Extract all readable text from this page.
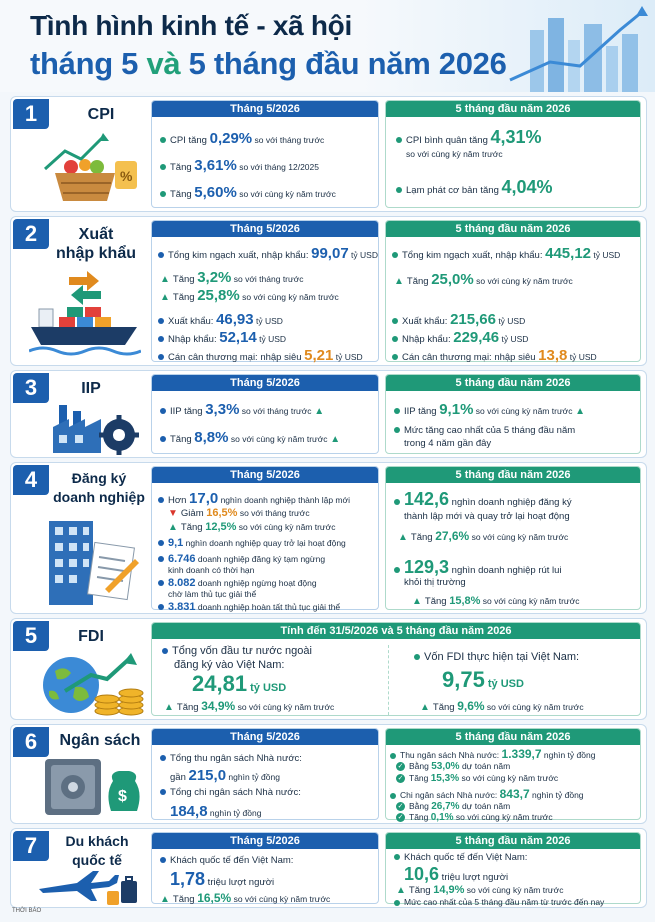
Tình hình kinh tế - xã hội
tháng 5 và 5 tháng đầu năm 2026
1	CPI
%
Tháng 5/2026
CPI tăng 0,29% so với tháng trước
Tăng 3,61% so với tháng 12/2025
Tăng 5,60% so với cùng kỳ năm trước
5 tháng đầu năm 2026
CPI bình quân tăng 4,31%
so với cùng kỳ năm trước
Lạm phát cơ bản tăng 4,04%
2	Xuất
nhập khẩu
Tháng 5/2026
Tổng kim ngạch xuất, nhập khẩu: 99,07 tỷ USD
▲ Tăng 3,2% so với tháng trước
▲ Tăng 25,8% so với cùng kỳ năm trước
Xuất khẩu: 46,93 tỷ USD
Nhập khẩu: 52,14 tỷ USD
Cán cân thương mại: nhập siêu 5,21 tỷ USD
5 tháng đầu năm 2026
Tổng kim ngạch xuất, nhập khẩu: 445,12 tỷ USD
▲ Tăng 25,0% so với cùng kỳ năm trước
Xuất khẩu: 215,66 tỷ USD
Nhập khẩu: 229,46 tỷ USD
Cán cân thương mại: nhập siêu 13,8 tỷ USD
3	IIP	Tháng 5/2026
IIP tăng 3,3% so với tháng trước ▲
Tăng 8,8% so với cùng kỳ năm trước ▲
5 tháng đầu năm 2026
IIP tăng 9,1% so với cùng kỳ năm trước ▲
Mức tăng cao nhất của 5 tháng đầu năm
trong 4 năm gần đây
4	Đăng ký
doanh nghiệp
Tháng 5/2026
Hơn 17,0 nghìn doanh nghiệp thành lập mới
▼ Giảm 16,5% so với tháng trước
▲ Tăng 12,5% so với cùng kỳ năm trước
9,1 nghìn doanh nghiệp quay trở lại hoạt động
6.746 doanh nghiệp đăng ký tạm ngừng
kinh doanh có thời hạn
8.082 doanh nghiệp ngừng hoạt động
chờ làm thủ tục giải thể
3.831 doanh nghiệp hoàn tất thủ tục giải thể
5 tháng đầu năm 2026
142,6 nghìn doanh nghiệp đăng ký
thành lập mới và quay trở lại hoạt động
▲ Tăng 27,6% so với cùng kỳ năm trước
129,3 nghìn doanh nghiệp rút lui
khỏi thị trường
▲ Tăng 15,8% so với cùng kỳ năm trước
5	FDI	Tính đến 31/5/2026 và 5 tháng đầu năm 2026
Tổng vốn đầu tư nước ngoài
đăng ký vào Việt Nam:
24,81 tỷ USD
▲ Tăng 34,9% so với cùng kỳ năm trước
Vốn FDI thực hiện tại Việt Nam:
9,75 tỷ USD
▲ Tăng 9,6% so với cùng kỳ năm trước
6	Ngân sách
$
Tháng 5/2026
Tổng thu ngân sách Nhà nước:
gần 215,0 nghìn tỷ đồng
Tổng chi ngân sách Nhà nước:
184,8 nghìn tỷ đồng
5 tháng đầu năm 2026
Thu ngân sách Nhà nước: 1.339,7 nghìn tỷ đồng
✓ Bằng 53,0% dự toán năm
✓ Tăng 15,3% so với cùng kỳ năm trước
Chi ngân sách Nhà nước: 843,7 nghìn tỷ đồng
✓ Bằng 26,7% dự toán năm
✓ Tăng 0,1% so với cùng kỳ năm trước
7	Du khách
quốc tế
Tháng 5/2026
Khách quốc tế đến Việt Nam:
1,78 triệu lượt người
▲ Tăng 16,5% so với cùng kỳ năm trước
5 tháng đầu năm 2026
Khách quốc tế đến Việt Nam:
10,6 triệu lượt người
▲ Tăng 14,9% so với cùng kỳ năm trước
Mức cao nhất của 5 tháng đầu năm từ trước đến nay
THỜI BÁO
